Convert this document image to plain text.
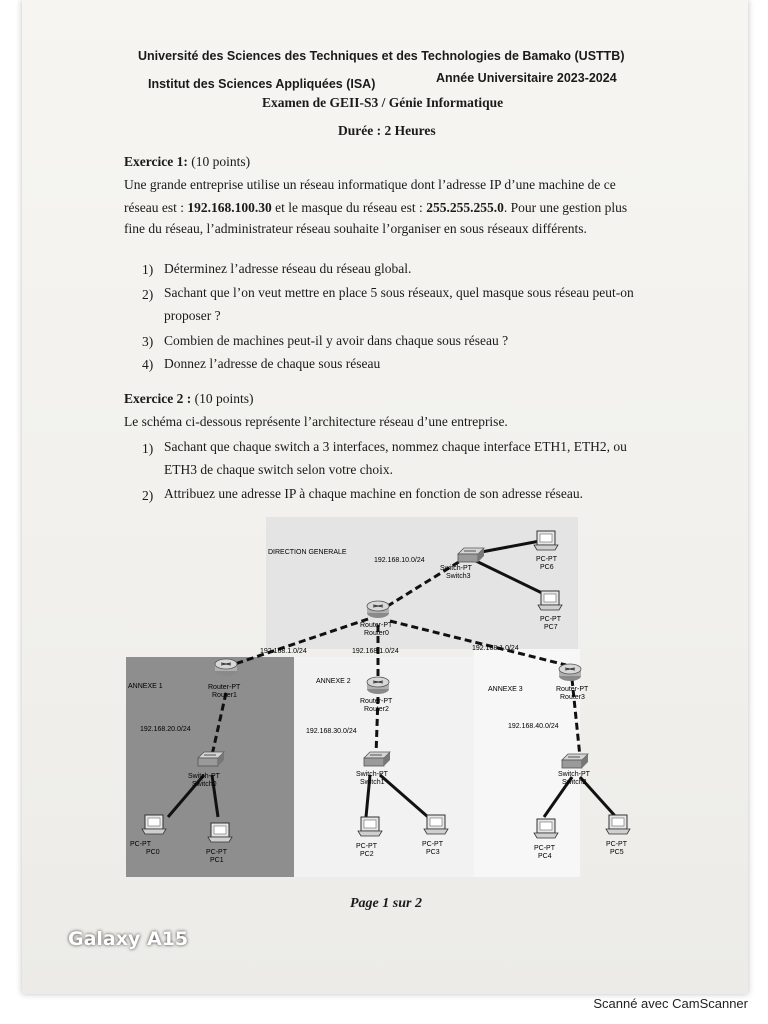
Université des Sciences des Techniques et des Technologies de Bamako (USTTB)
Institut des Sciences Appliquées (ISA)	Année Universitaire 2023-2024
Examen de GEII-S3 / Génie Informatique
Durée : 2 Heures
Exercice 1: (10 points)
Une grande entreprise utilise un réseau informatique dont l’adresse IP d’une machine de ce
réseau est : 192.168.100.30 et le masque du réseau est : 255.255.255.0. Pour une gestion plus
fine du réseau, l’administrateur réseau souhaite l’organiser en sous réseaux différents.
1) Déterminez l’adresse réseau du réseau global.
2) Sachant que l’on veut mettre en place 5 sous réseaux, quel masque sous réseau peut-on
proposer ?
3) Combien de machines peut-il y avoir dans chaque sous réseau ?
4) Donnez l’adresse de chaque sous réseau
Exercice 2 : (10 points)
Le schéma ci-dessous représente l’architecture réseau d’une entreprise.
1) Sachant que chaque switch a 3 interfaces, nommez chaque interface ETH1, ETH2, ou
ETH3 de chaque switch selon votre choix.
2) Attribuez une adresse IP à chaque machine en fonction de son adresse réseau.
DIRECTION GENERALE
ANNEXE 1
ANNEXE 2
ANNEXE 3
192.168.10.0/24
192.168.1.0/24	192.168.1.0/24	192.168.1.0/24
192.168.20.0/24	192.168.30.0/24
192.168.40.0/24
Router-PT
Router0
Router-PT
Router1
Router-PT
Router2
Router-PT
Router3
Switch-PT
Switch3
Switch-PT
Switch0
Switch-PT
Switch1
Switch-PT
Switch2
PC-PT
PC6
PC-PT
PC7
PC-PT
PC0	PC-PT
PC1
PC-PT
PC2
PC-PT
PC3
PC-PT
PC4
PC-PT
PC5
Page 1 sur 2
Galaxy A15
Scanné avec CamScanner
